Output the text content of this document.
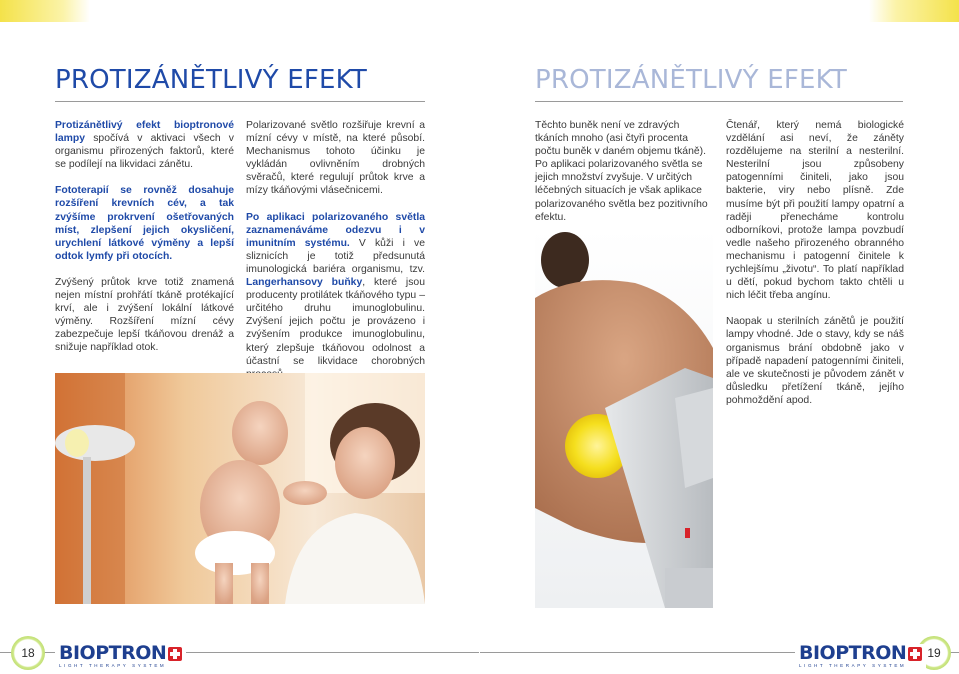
PROTIZÁNĚTLIVÝ EFEKT

Protizánětlivý efekt bioptronové lampy spočívá v aktivaci všech v organismu přirozených faktorů, které se podílejí na likvidaci zánětu.

Fototerapií se rovněž dosahuje rozšíření krevních cév, a tak zvýšíme prokrvení ošetřovaných míst, zlepšení jejich okysličení, urychlení látkové výměny a lepší odtok lymfy při otocích.

Zvýšený průtok krve totiž znamená nejen místní prohřátí tkáně protékající krví, ale i zvýšení lokální látkové výměny. Rozšíření mízní cévy zabezpečuje lepší tkáňovou drenáž a snižuje například otok.

Polarizované světlo rozšiřuje krevní a mízní cévy v místě, na které působí. Mechanismus tohoto účinku je vykládán ovlivněním drobných svěračů, které regulují průtok krve a mízy tkáňovými vlásečnicemi.

Po aplikaci polarizovaného světla zaznamenáváme odezvu i v imunitním systému. V kůži i ve sliznicích je totiž předsunutá imunologická bariéra organismu, tzv. Langerhansovy buňky, které jsou producenty protilátek tkáňového typu – určitého druhu imunoglobulinu. Zvýšení jejich počtu je provázeno i zvýšením produkce imunoglobulinu, který zlepšuje tkáňovou odolnost a účastní se likvidace chorobných

PROTIZÁNĚTLIVÝ EFEKT

Těchto buněk není ve zdravých tkáních mnoho (asi čtyři procenta počtu buněk v daném objemu tkáně). Po aplikaci polarizovaného světla se jejich množství zvyšuje. V určitých léčebných situacích je však aplikace polarizovaného světla bez pozitivního efektu.

Čtenář, který nemá biologické vzdělání asi neví, že záněty rozdělujeme na sterilní a nesterilní. Nesterilní jsou způsobeny patogenními činiteli, jako jsou bakterie, viry nebo plísně. Zde musíme být při použití lampy opatrní a raději přenecháme kontrolu odborníkovi, protože lampa povzbudí vedle našeho přirozeného obranného mechanismu i patogenní činitele k rychlejšímu „životu“. To platí například u dětí, pokud bychom takto chtěli u nich léčit třeba angínu.

Naopak u sterilních zánětů je použití lampy vhodné. Jde o stavy, kdy se náš organismus brání obdobně jako v případě napadení patogenními činiteli, ale ve skutečnosti je původem zánět v důsledku přetížení tkáně, jejího pohmoždění apod.

18	19
BIOPTRON
LIGHT THERAPY SYSTEM
BIOPTRON
LIGHT THERAPY SYSTEM
